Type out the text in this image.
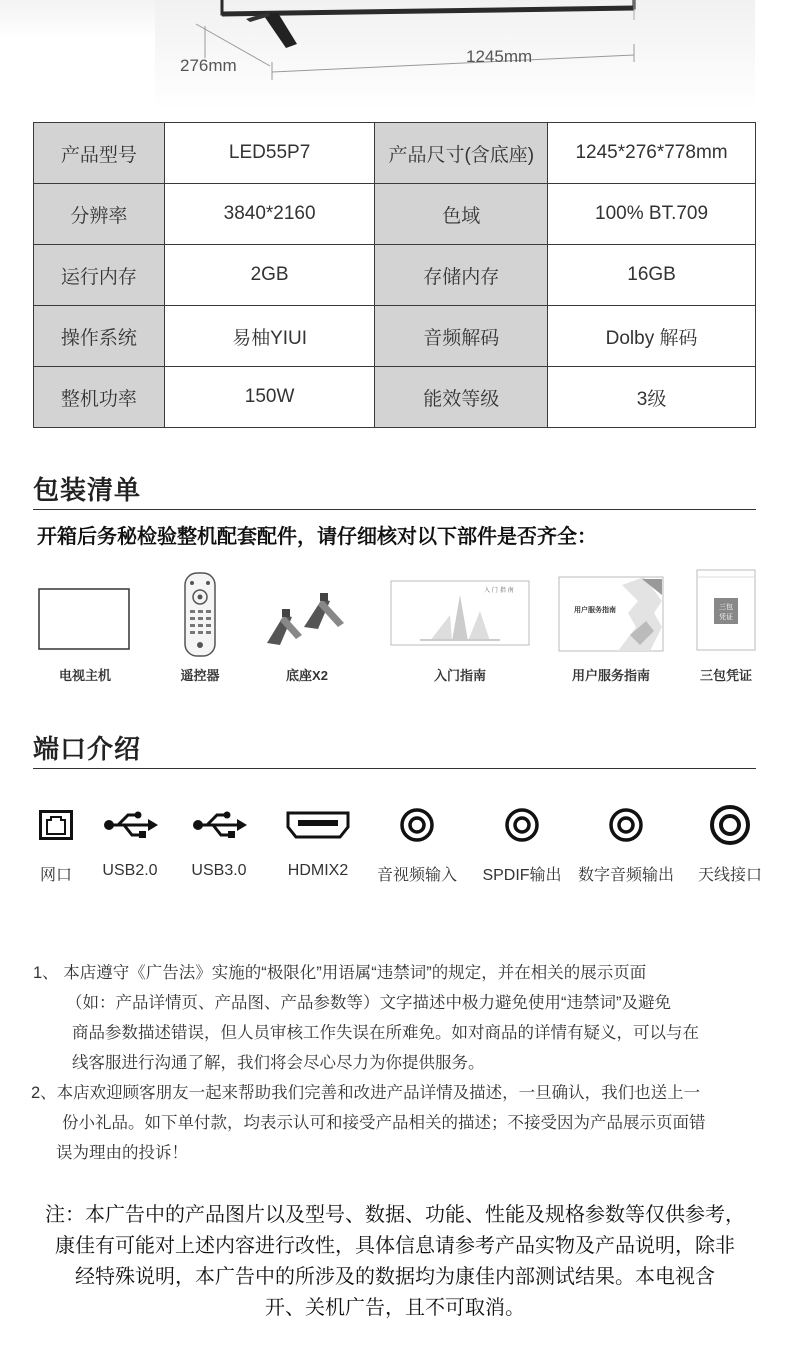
276mm	1245mm
产品型号	LED55P7	产品尺寸(含底座)	1245*276*778mm
分辨率	3840*2160	色域	100% BT.709
运行内存	2GB	存储内存	16GB
操作系统	易柚YIUI	音频解码	Dolby 解码
整机功率	150W	能效等级	3级
包装清单
开箱后务秘检验整机配套配件，请仔细核对以下部件是否齐全：
电视主机	遥控器	底座X2
入 门 指 南
入门指南
用户服务指南
用户服务指南
三包
凭证
三包凭证
端口介绍
网口	USB2.0	USB3.0	HDMIX2	音视频输入	SPDIF输出 数字音频输出	天线接口
1、 本店遵守《广告法》实施的“极限化”用语属“违禁词”的规定，并在相关的展示页面
（如：产品详情页、产品图、产品参数等）文字描述中极力避免使用“违禁词”及避免
商品参数描述错误，但人员审核工作失误在所难免。如对商品的详情有疑义，可以与在
线客服进行沟通了解，我们将会尽心尽力为你提供服务。
2、本店欢迎顾客朋友一起来帮助我们完善和改进产品详情及描述，一旦确认，我们也送上一
份小礼品。如下单付款，均表示认可和接受产品相关的描述；不接受因为产品展示页面错
误为理由的投诉！
注：本广告中的产品图片以及型号、数据、功能、性能及规格参数等仅供参考，
康佳有可能对上述内容进行改性，具体信息请参考产品实物及产品说明，除非
经特殊说明，本广告中的所涉及的数据均为康佳内部测试结果。本电视含
开、关机广告，且不可取消。
